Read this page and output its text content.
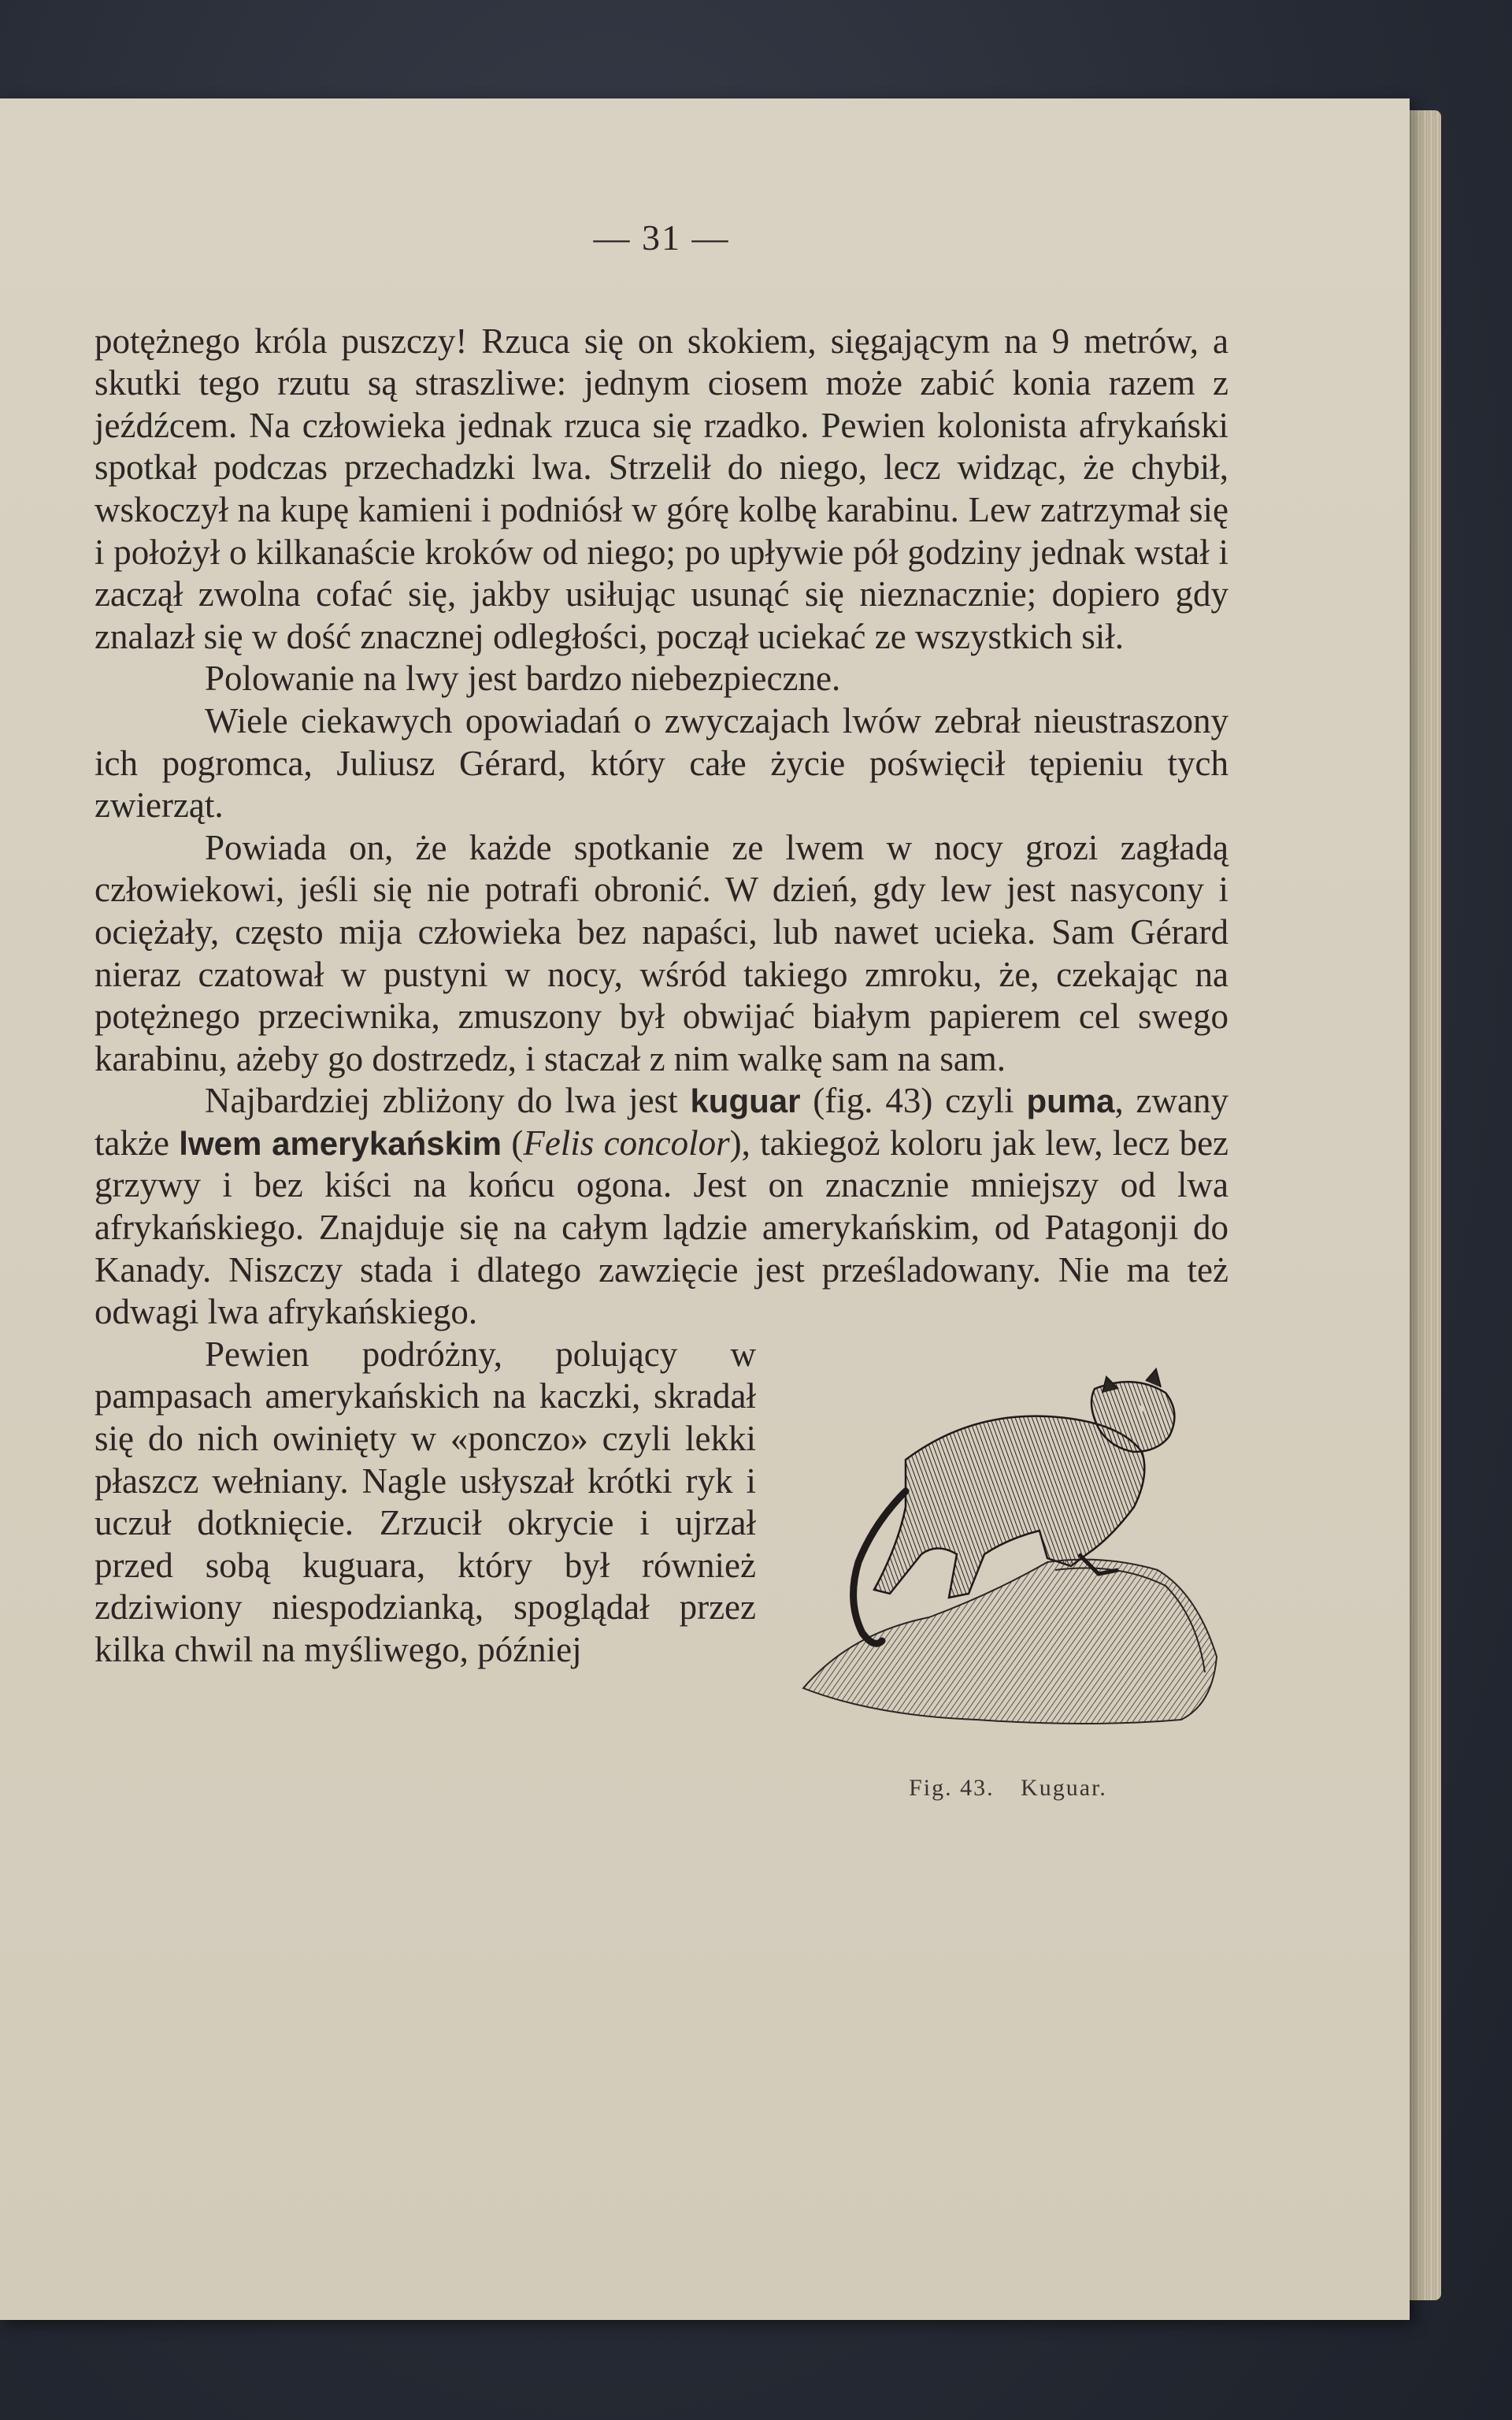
— 31 —

potężnego króla puszczy! Rzuca się on skokiem, sięgającym na 9 metrów, a skutki tego rzutu są straszliwe: jednym ciosem może zabić konia razem z jeźdźcem. Na człowieka jednak rzuca się rzadko. Pewien kolonista afrykański spotkał podczas przechadzki lwa. Strzelił do niego, lecz widząc, że chybił, wskoczył na kupę kamieni i podniósł w górę kolbę karabinu. Lew zatrzymał się i położył o kilkanaście kroków od niego; po upływie pół godziny jednak wstał i zaczął zwolna cofać się, jakby usiłując usunąć się nieznacznie; dopiero gdy znalazł się w dość znacznej odległości, począł uciekać ze wszystkich sił.

Polowanie na lwy jest bardzo niebezpieczne.

Wiele ciekawych opowiadań o zwyczajach lwów zebrał nieustraszony ich pogromca, Juliusz Gérard, który całe życie poświęcił tępieniu tych zwierząt.

Powiada on, że każde spotkanie ze lwem w nocy grozi zagładą człowiekowi, jeśli się nie potrafi obronić. W dzień, gdy lew jest nasycony i ociężały, często mija człowieka bez napaści, lub nawet ucieka. Sam Gérard nieraz czatował w pustyni w nocy, wśród takiego zmroku, że, czekając na potężnego przeciwnika, zmuszony był obwijać białym papierem cel swego karabinu, ażeby go dostrzedz, i staczał z nim walkę sam na sam.

Najbardziej zbliżony do lwa jest kuguar (fig. 43) czyli puma, zwany także lwem amerykańskim (Felis concolor), takiegoż koloru jak lew, lecz bez grzywy i bez kiści na końcu ogona. Jest on znacznie mniejszy od lwa afrykańskiego. Znajduje się na całym lądzie amerykańskim, od Patagonji do Kanady. Niszczy stada i dlatego zawzięcie jest prześladowany. Nie ma też odwagi lwa afrykańskiego.

Fig. 43. Kuguar.

Pewien podróżny, polujący w pampasach amerykańskich na kaczki, skradał się do nich owinięty w «ponczo» czyli lekki płaszcz wełniany. Nagle usłyszał krótki ryk i uczuł dotknięcie. Zrzucił okrycie i ujrzał przed sobą kuguara, który był również zdziwiony niespodzianką, spoglądał przez kilka chwil na myśliwego, później
